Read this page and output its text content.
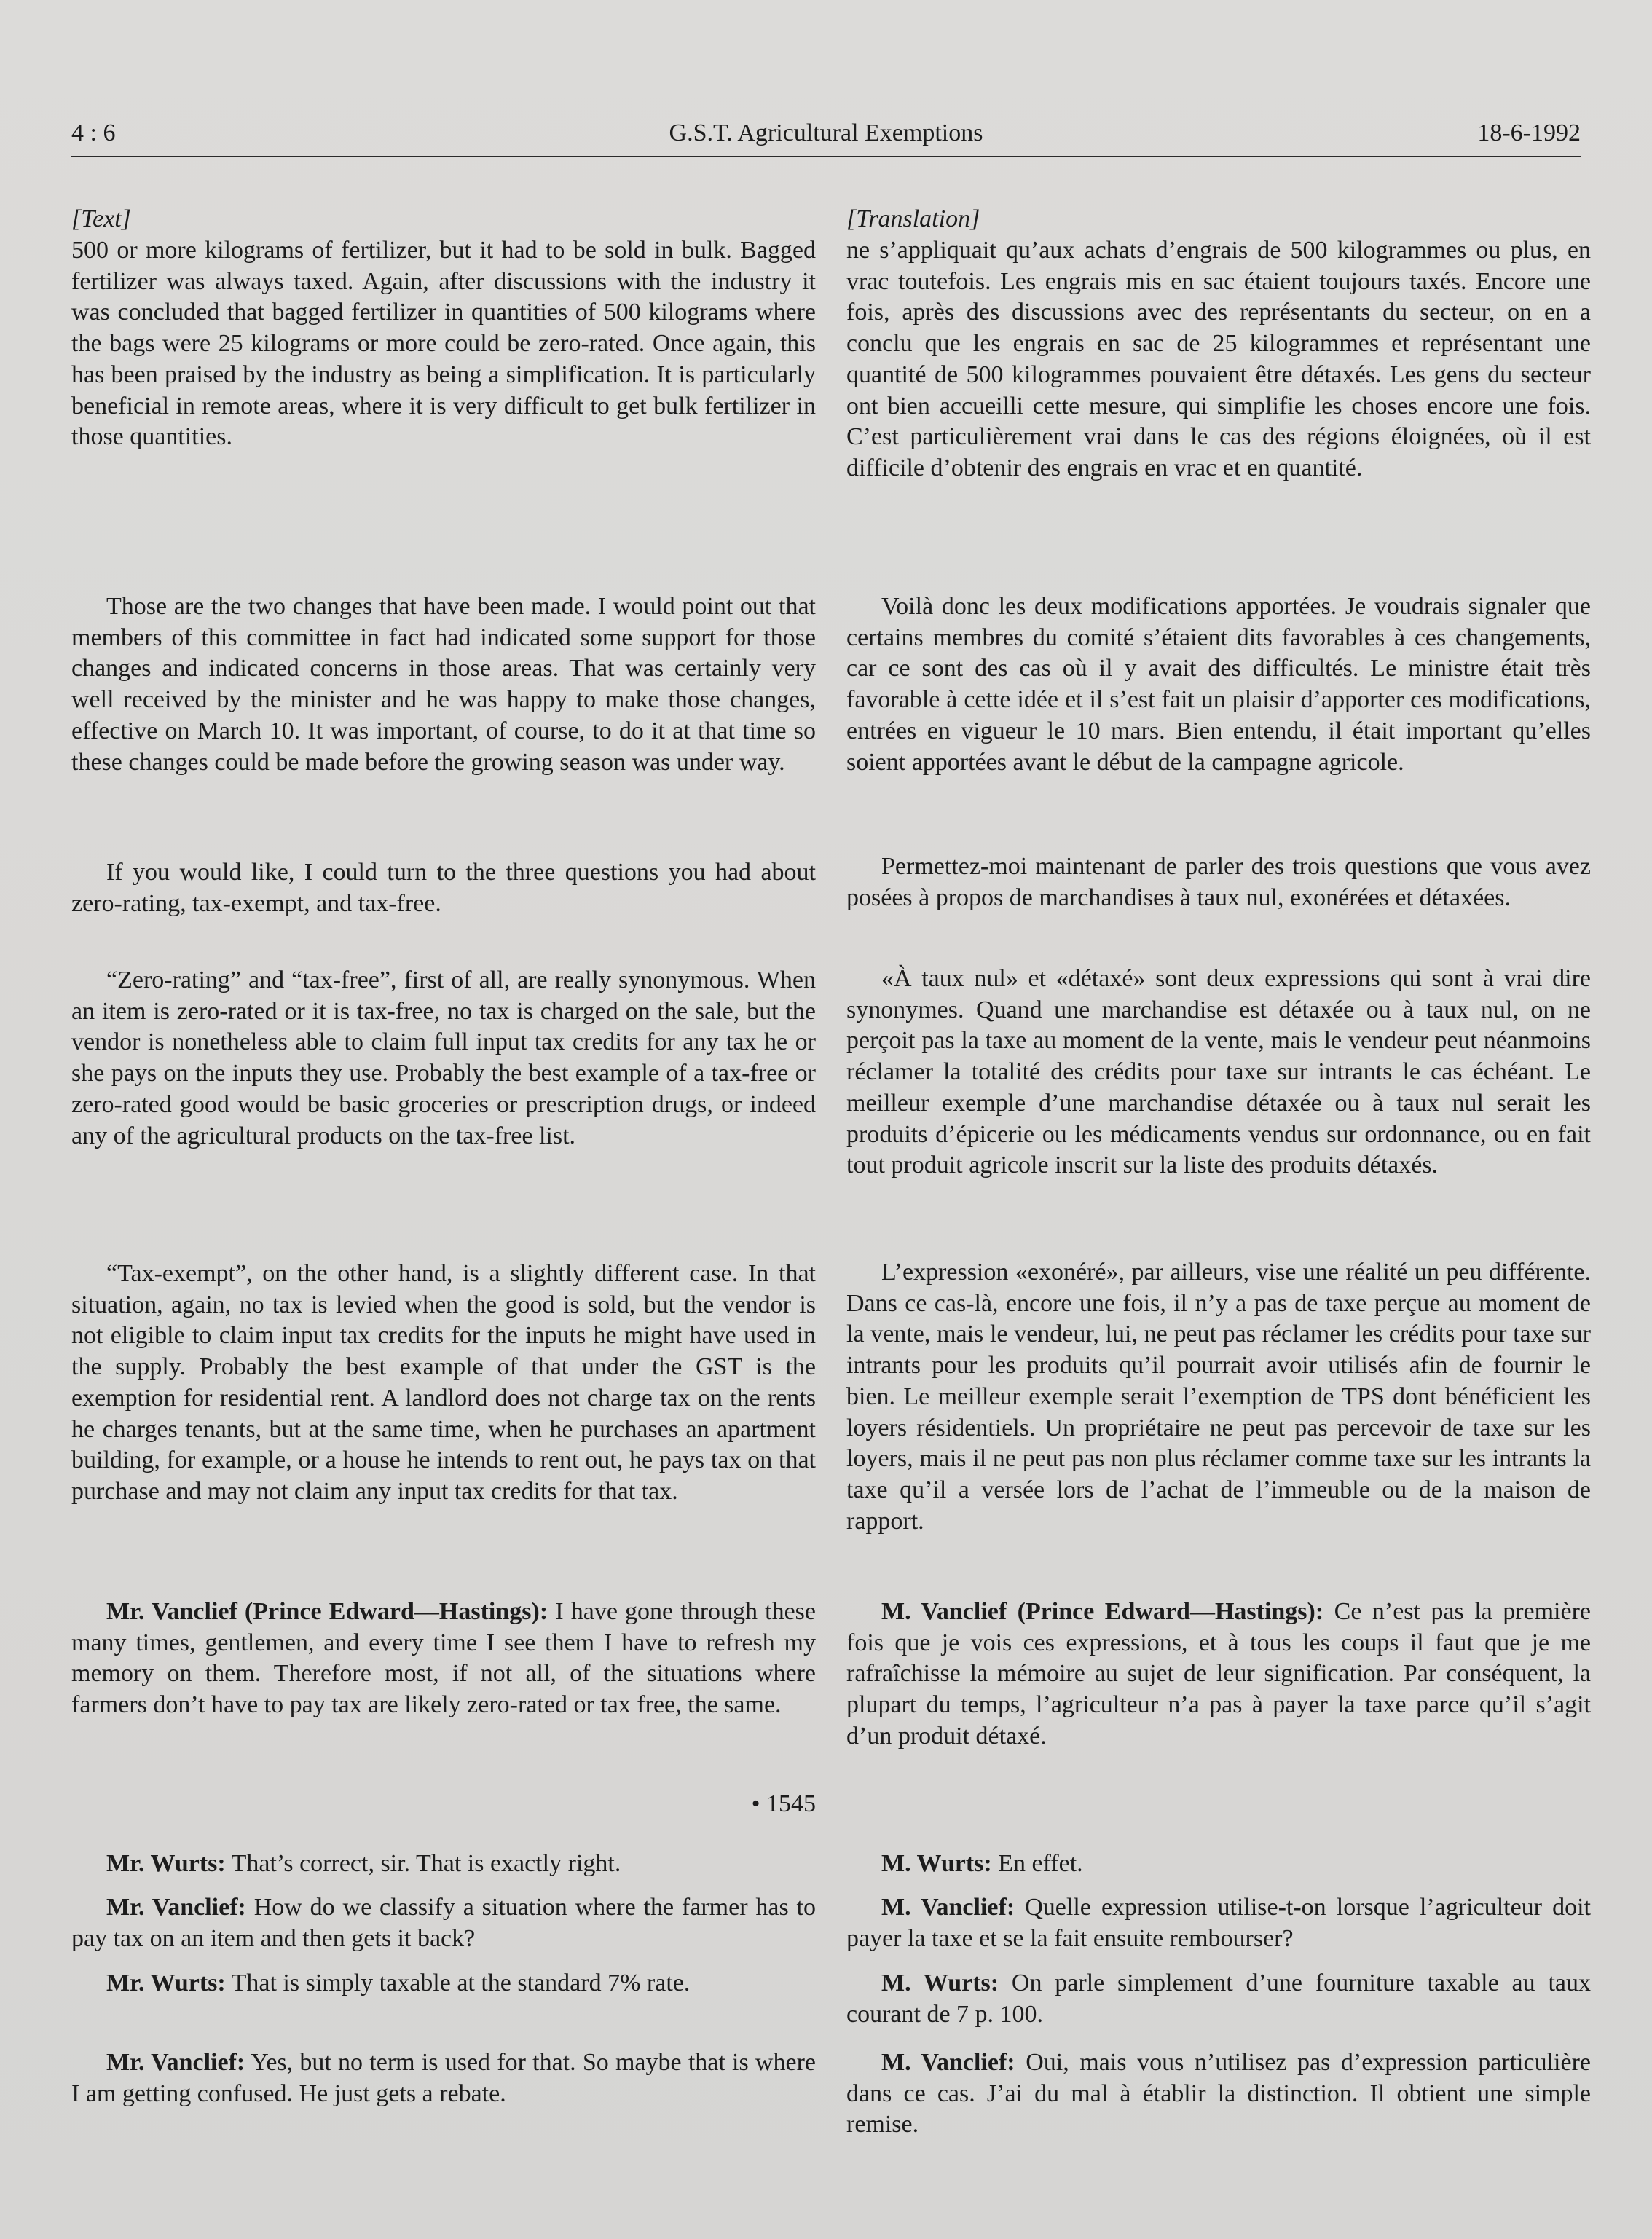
4 : 6	G.S.T. Agricultural Exemptions	18-6-1992

[Text]

500 or more kilograms of fertilizer, but it had to be sold in bulk. Bagged fertilizer was always taxed. Again, after discussions with the industry it was concluded that bagged fertilizer in quantities of 500 kilograms where the bags were 25 kilograms or more could be zero-rated. Once again, this has been praised by the industry as being a simplification. It is particularly beneficial in remote areas, where it is very difficult to get bulk fertilizer in those quantities.

Those are the two changes that have been made. I would point out that members of this committee in fact had indicated some support for those changes and indicated concerns in those areas. That was certainly very well received by the minister and he was happy to make those changes, effective on March 10. It was important, of course, to do it at that time so these changes could be made before the growing season was under way.

If you would like, I could turn to the three questions you had about zero-rating, tax-exempt, and tax-free.

“Zero-rating” and “tax-free”, first of all, are really synonymous. When an item is zero-rated or it is tax-free, no tax is charged on the sale, but the vendor is nonetheless able to claim full input tax credits for any tax he or she pays on the inputs they use. Probably the best example of a tax-free or zero-rated good would be basic groceries or prescription drugs, or indeed any of the agricultural products on the tax-free list.

“Tax-exempt”, on the other hand, is a slightly different case. In that situation, again, no tax is levied when the good is sold, but the vendor is not eligible to claim input tax credits for the inputs he might have used in the supply. Probably the best example of that under the GST is the exemption for residential rent. A landlord does not charge tax on the rents he charges tenants, but at the same time, when he purchases an apartment building, for example, or a house he intends to rent out, he pays tax on that purchase and may not claim any input tax credits for that tax.

Mr. Vanclief (Prince Edward—Hastings): I have gone through these many times, gentlemen, and every time I see them I have to refresh my memory on them. Therefore most, if not all, of the situations where farmers don’t have to pay tax are likely zero-rated or tax free, the same.

• 1545

Mr. Wurts: That’s correct, sir. That is exactly right.

Mr. Vanclief: How do we classify a situation where the farmer has to pay tax on an item and then gets it back?

Mr. Wurts: That is simply taxable at the standard 7% rate.

Mr. Vanclief: Yes, but no term is used for that. So maybe that is where I am getting confused. He just gets a rebate.

[Translation]

ne s’appliquait qu’aux achats d’engrais de 500 kilogrammes ou plus, en vrac toutefois. Les engrais mis en sac étaient toujours taxés. Encore une fois, après des discussions avec des représentants du secteur, on en a conclu que les engrais en sac de 25 kilogrammes et représentant une quantité de 500 kilogrammes pouvaient être détaxés. Les gens du secteur ont bien accueilli cette mesure, qui simplifie les choses encore une fois. C’est particulièrement vrai dans le cas des régions éloignées, où il est difficile d’obtenir des engrais en vrac et en quantité.

Voilà donc les deux modifications apportées. Je voudrais signaler que certains membres du comité s’étaient dits favorables à ces changements, car ce sont des cas où il y avait des difficultés. Le ministre était très favorable à cette idée et il s’est fait un plaisir d’apporter ces modifications, entrées en vigueur le 10 mars. Bien entendu, il était important qu’elles soient apportées avant le début de la campagne agricole.

Permettez-moi maintenant de parler des trois questions que vous avez posées à propos de marchandises à taux nul, exonérées et détaxées.

«À taux nul» et «détaxé» sont deux expressions qui sont à vrai dire synonymes. Quand une marchandise est détaxée ou à taux nul, on ne perçoit pas la taxe au moment de la vente, mais le vendeur peut néanmoins réclamer la totalité des crédits pour taxe sur intrants le cas échéant. Le meilleur exemple d’une marchandise détaxée ou à taux nul serait les produits d’épicerie ou les médicaments vendus sur ordonnance, ou en fait tout produit agricole inscrit sur la liste des produits détaxés.

L’expression «exonéré», par ailleurs, vise une réalité un peu différente. Dans ce cas-là, encore une fois, il n’y a pas de taxe perçue au moment de la vente, mais le vendeur, lui, ne peut pas réclamer les crédits pour taxe sur intrants pour les produits qu’il pourrait avoir utilisés afin de fournir le bien. Le meilleur exemple serait l’exemption de TPS dont bénéficient les loyers résidentiels. Un propriétaire ne peut pas percevoir de taxe sur les loyers, mais il ne peut pas non plus réclamer comme taxe sur les intrants la taxe qu’il a versée lors de l’achat de l’immeuble ou de la maison de rapport.

M. Vanclief (Prince Edward—Hastings): Ce n’est pas la première fois que je vois ces expressions, et à tous les coups il faut que je me rafraîchisse la mémoire au sujet de leur signification. Par conséquent, la plupart du temps, l’agriculteur n’a pas à payer la taxe parce qu’il s’agit d’un produit détaxé.

M. Wurts: En effet.

M. Vanclief: Quelle expression utilise-t-on lorsque l’agriculteur doit payer la taxe et se la fait ensuite rembourser?

M. Wurts: On parle simplement d’une fourniture taxable au taux courant de 7 p. 100.

M. Vanclief: Oui, mais vous n’utilisez pas d’expression particulière dans ce cas. J’ai du mal à établir la distinction. Il obtient une simple remise.
